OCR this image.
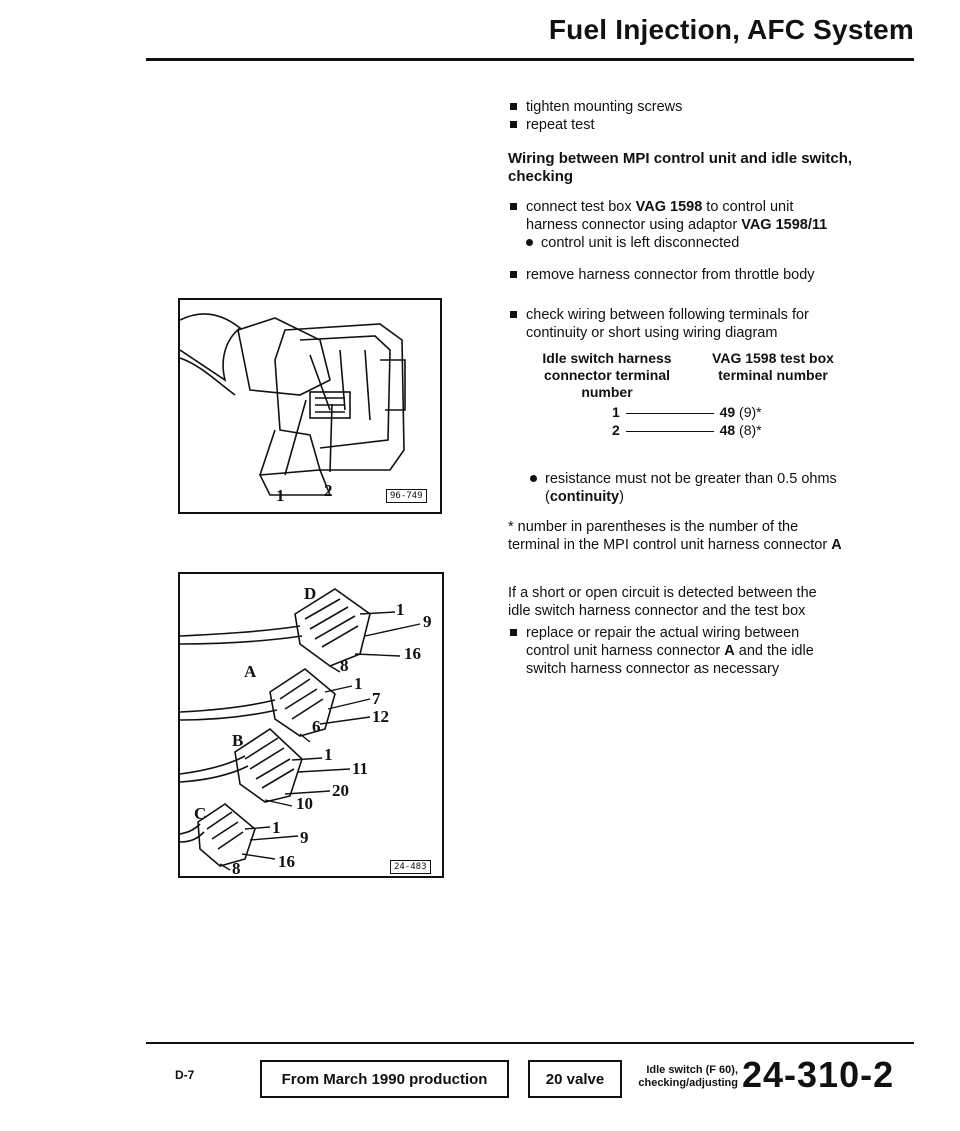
Fuel Injection, AFC System
tighten mounting screws
repeat test
Wiring between MPI control unit and idle switch,
checking
connect test box VAG 1598 to control unit
harness connector using adaptor VAG 1598/11
control unit is left disconnected
remove harness connector from throttle body
check wiring between following terminals for
continuity or short using wiring diagram
Idle switch harness
connector terminal
number
VAG 1598 test box
terminal number
1	49 (9)*
2	48 (8)*
resistance must not be greater than 0.5 ohms
(continuity)
* number in parentheses is the number of the
terminal in the MPI control unit harness connector A
If a short or open circuit is detected between the
idle switch harness connector and the test box
replace or repair the actual wiring between
control unit harness connector A and the idle
switch harness connector as necessary
1 2	96-749
D
1
9
16
8
A
1
7
12
6
B
1
11
20
10
C
1
9
16
8	24-483
D-7	From March 1990 production	20 valve
Idle switch (F 60),
checking/adjusting 24-310-2
